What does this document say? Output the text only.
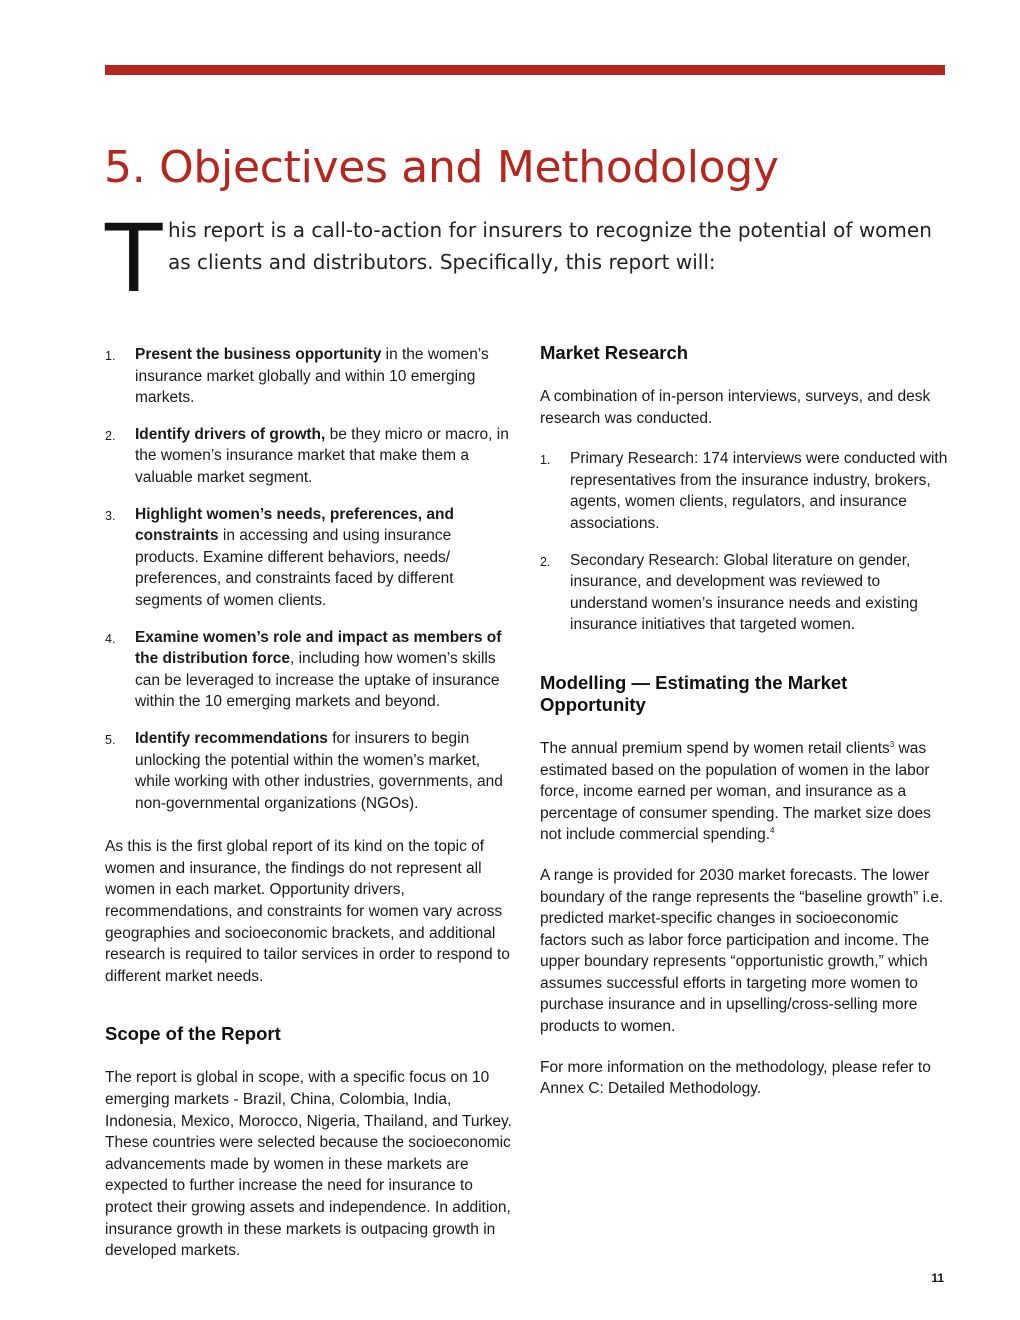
5. Objectives and Methodology
T his report is a call-to-action for insurers to recognize the potential of women as clients and distributors. Specifically, this report will:
1. Present the business opportunity in the women’s insurance market globally and within 10 emerging markets.
2. Identify drivers of growth, be they micro or macro, in the women’s insurance market that make them a valuable market segment.
3. Highlight women’s needs, preferences, and constraints in accessing and using insurance products. Examine different behaviors, needs/ preferences, and constraints faced by different segments of women clients.
4. Examine women’s role and impact as members of the distribution force, including how women’s skills can be leveraged to increase the uptake of insurance within the 10 emerging markets and beyond.
5. Identify recommendations for insurers to begin unlocking the potential within the women’s market, while working with other industries, governments, and non-governmental organizations (NGOs).

As this is the first global report of its kind on the topic of women and insurance, the findings do not represent all women in each market. Opportunity drivers, recommendations, and constraints for women vary across geographies and socioeconomic brackets, and additional research is required to tailor services in order to respond to different market needs.

Scope of the Report

The report is global in scope, with a specific focus on 10 emerging markets - Brazil, China, Colombia, India, Indonesia, Mexico, Morocco, Nigeria, Thailand, and Turkey. These countries were selected because the socioeconomic advancements made by women in these markets are expected to further increase the need for insurance to protect their growing assets and independence. In addition, insurance growth in these markets is outpacing growth in developed markets.

Market Research

A combination of in-person interviews, surveys, and desk research was conducted.

1. Primary Research: 174 interviews were conducted with representatives from the insurance industry, brokers, agents, women clients, regulators, and insurance associations.
2. Secondary Research: Global literature on gender, insurance, and development was reviewed to understand women’s insurance needs and existing insurance initiatives that targeted women.
Modelling — Estimating the Market Opportunity

The annual premium spend by women retail clients$^3$ was estimated based on the population of women in the labor force, income earned per woman, and insurance as a percentage of consumer spending. The market size does not include commercial spending.$^4$

A range is provided for 2030 market forecasts. The lower boundary of the range represents the “baseline growth” i.e. predicted market-specific changes in socioeconomic factors such as labor force participation and income. The upper boundary represents “opportunistic growth,” which assumes successful efforts in targeting more women to purchase insurance and in upselling/cross-selling more products to women.

For more information on the methodology, please refer to Annex C: Detailed Methodology.

11
